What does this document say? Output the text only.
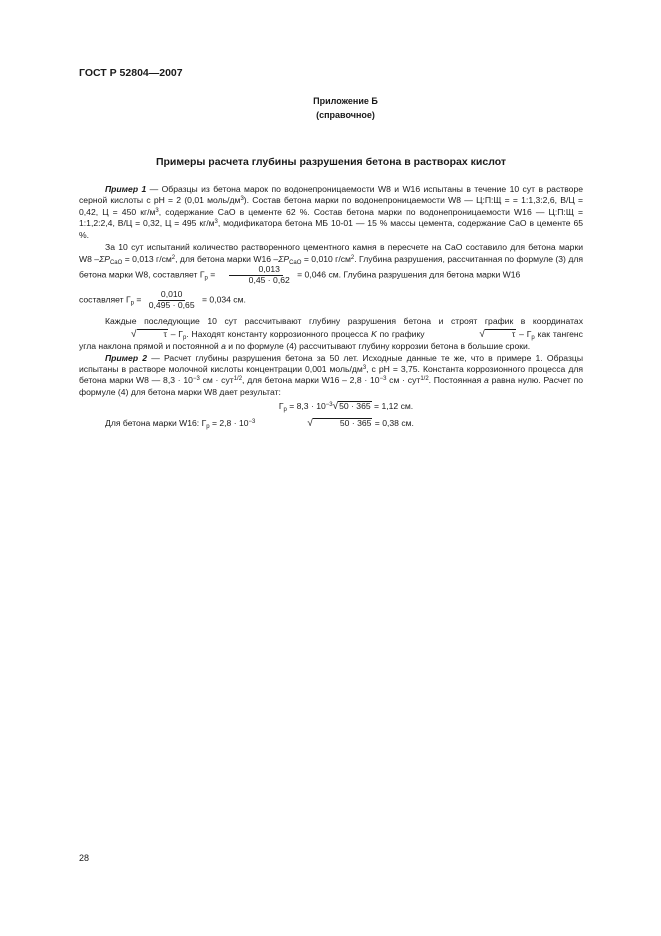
ГОСТ Р 52804—2007
Приложение Б
(справочное)
Примеры расчета глубины разрушения бетона в растворах кислот

Пример 1 — Образцы из бетона марок по водонепроницаемости W8 и W16 испытаны в течение 10 сут в растворе серной кислоты с рН = 2 (0,01 моль/$дм^3$). Состав бетона марки по водонепроницаемости W8 — Ц:П:Щ = = 1:1,3:2,6, В/Ц = 0,42, Ц = 450 $кг/м^3$, содержание СаО в цементе 62 %. Состав бетона марки по водонепроницаемости W16 — Ц:П:Щ = 1:1,2:2,4, В/Ц = 0,32, Ц = 495 $кг/м^3$, модификатора бетона МБ 10-01 — 15 % массы цемента, содержание СаО в цементе 65 %.

За 10 сут испытаний количество растворенного цементного камня в пересчете на СаО составило для бетона марки W8 $-\Sigma P_{CaO} = 0,013$ $г/см^2$, для бетона марки W16 $-\Sigma P_{CaO} = 0,010$ $г/см^2$. Глубина разрушения, рассчитанная по формуле (3) для бетона марки W8, составляет $Г_р = \frac{0,013}{0,45 \cdot 0,62} = 0,046$ см. Глубина разрушения для бетона марки W16

составляет $Г_р = \frac{0,010}{0,495 \cdot 0,65} = 0,034$ см.

Каждые последующие 10 сут рассчитывают глубину разрушения бетона и строят график в координатах √	τ – $Г_р$. Находят константу коррозионного процесса K по графику	√	τ – $Г_р$ как тангенс угла наклона прямой и постоянной a и по формуле (4) рассчитывают глубину коррозии бетона в большие сроки.

Пример 2 — Расчет глубины разрушения бетона за 50 лет. Исходные данные те же, что в примере 1. Образцы испытаны в растворе молочной кислоты концентрации 0,001 моль/$дм^3$, с рН = 3,75. Константа коррозионного процесса для бетона марки W8 — $8,3 \cdot 10^{-3}$ см · сут$^{1/2}$, для бетона марки $W16 - 2,8 \cdot 10^{-3}$ см · сут$^{1/2}$. Постоянная a равна нулю. Расчет по формуле (4) для бетона марки W8 дает результат:

$Г_р = 8,3 \cdot 10^{-3}√50 \cdot 365 = 1,12$ см.

Для бетона марки W16: $Г_р = 2,8 \cdot 10^{-3}$	√	50 · 365 = 0,38 см.

28
